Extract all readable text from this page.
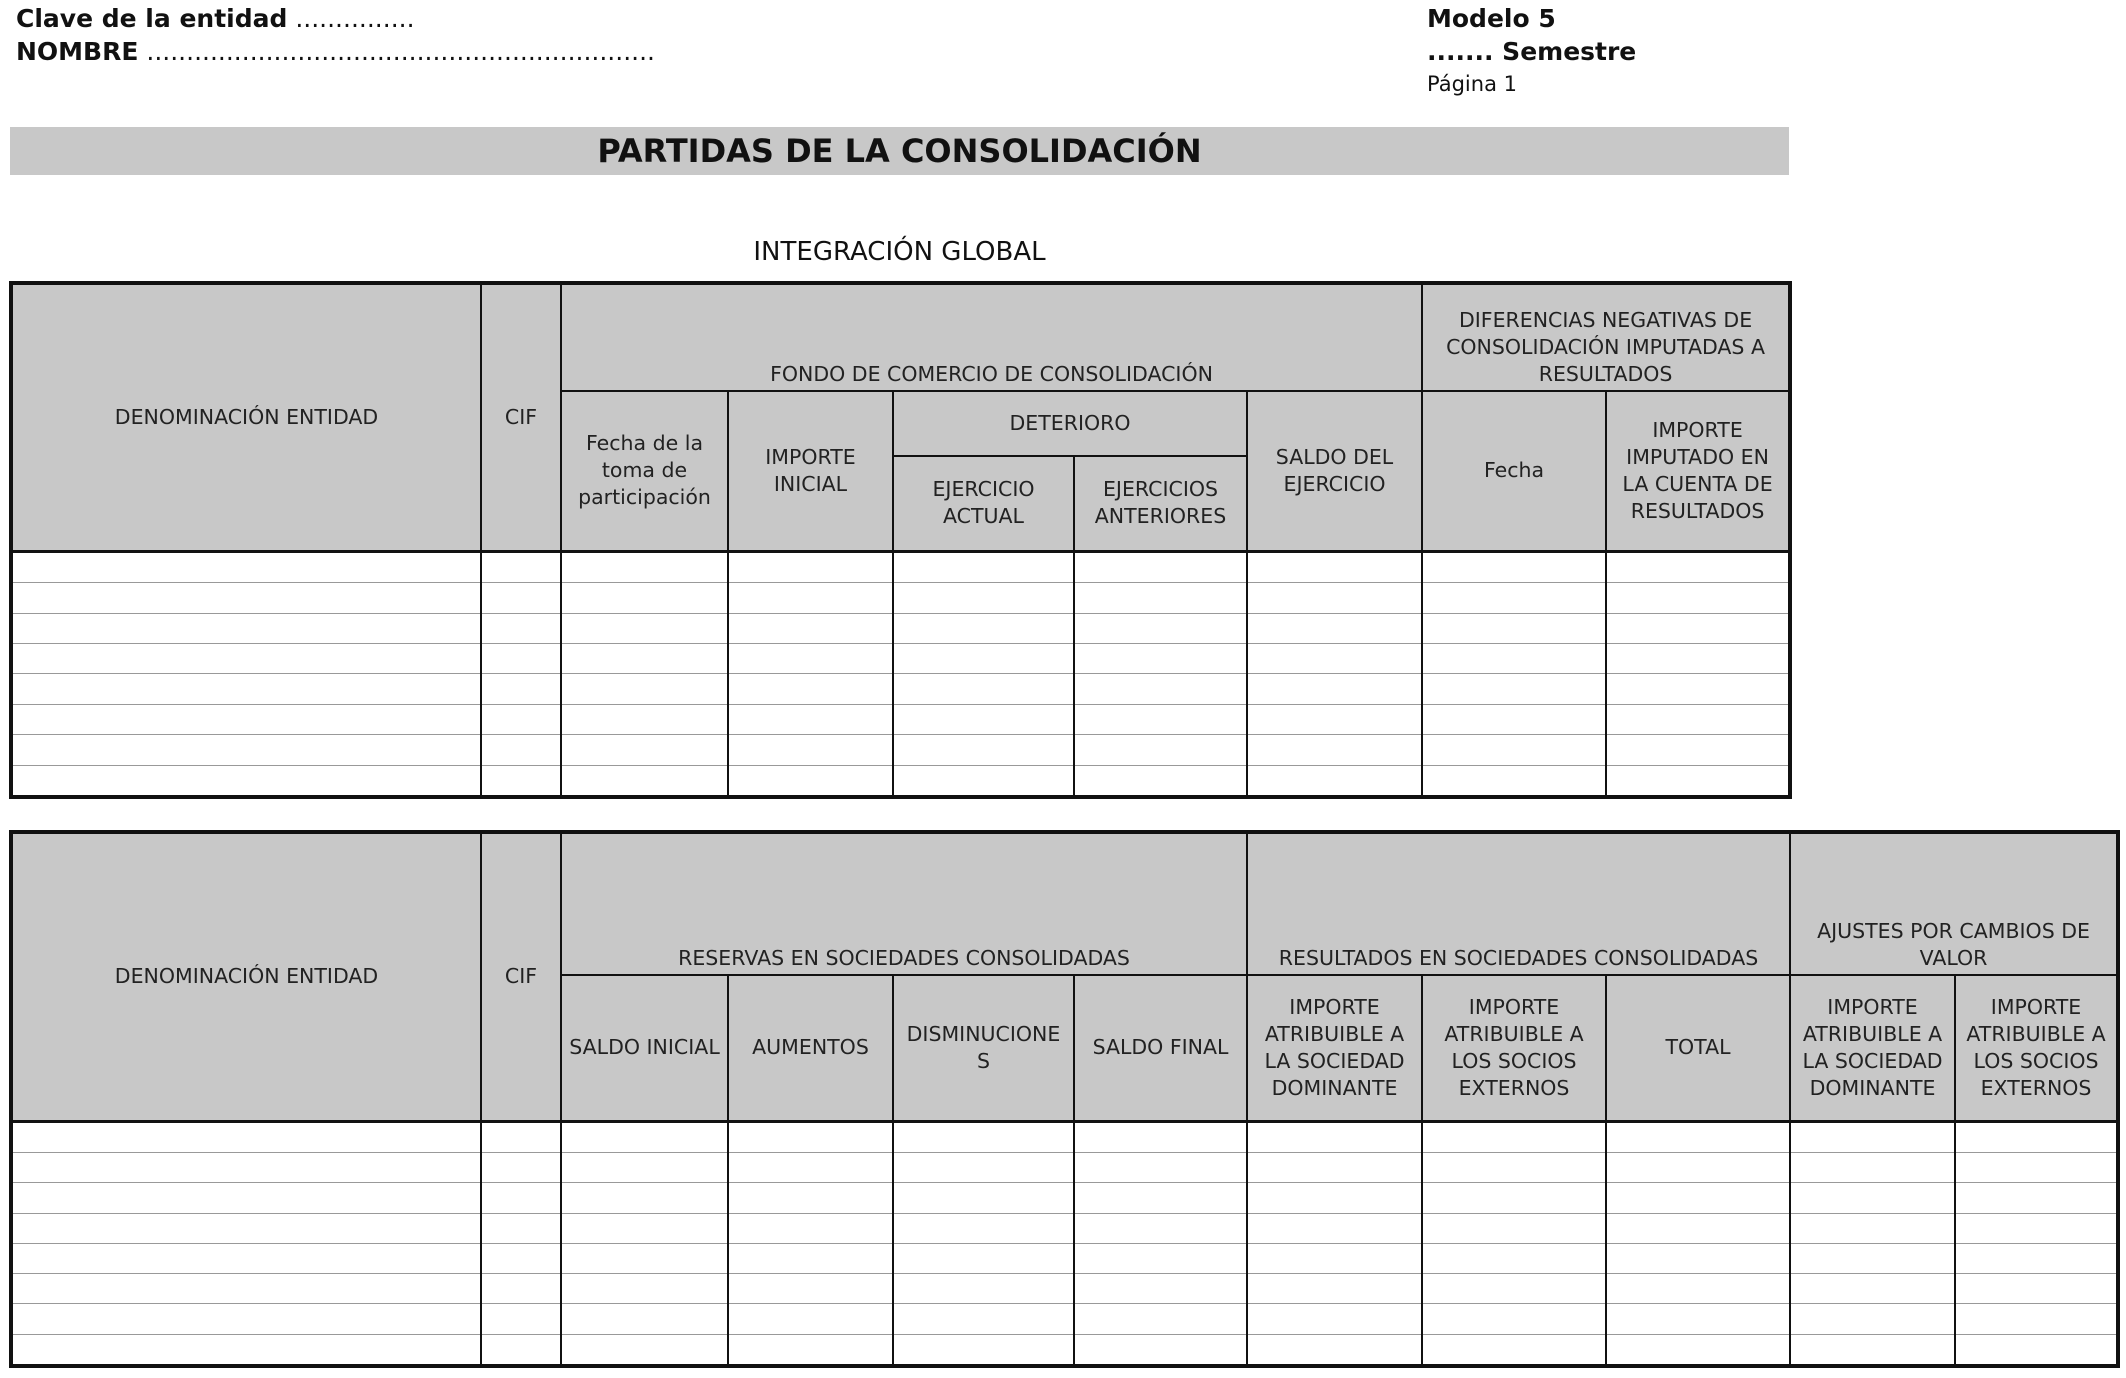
Clave de la entidad ...............
NOMBRE ................................................................
Modelo 5
....... Semestre
Página 1
PARTIDAS DE LA CONSOLIDACIÓN
INTEGRACIÓN GLOBAL
DENOMINACIÓN ENTIDAD	CIF	FONDO DE COMERCIO DE CONSOLIDACIÓN					DIFERENCIAS NEGATIVAS DE CONSOLIDACIÓN IMPUTADAS A RESULTADOS	
		Fecha de la toma de participación	IMPORTE INICIAL	DETERIORO		SALDO DEL EJERCICIO	Fecha	IMPORTE IMPUTADO EN LA CUENTA DE RESULTADOS
				EJERCICIO ACTUAL	EJERCICIOS ANTERIORES			

DENOMINACIÓN ENTIDAD	CIF	RESERVAS EN SOCIEDADES CONSOLIDADAS				RESULTADOS EN SOCIEDADES CONSOLIDADAS			AJUSTES POR CAMBIOS DE VALOR	
		SALDO INICIAL	AUMENTOS	DISMINUCIONE S	SALDO FINAL	IMPORTE ATRIBUIBLE A LA SOCIEDAD DOMINANTE	IMPORTE ATRIBUIBLE A LOS SOCIOS EXTERNOS	TOTAL	IMPORTE ATRIBUIBLE A LA SOCIEDAD DOMINANTE	IMPORTE ATRIBUIBLE A LOS SOCIOS EXTERNOS
